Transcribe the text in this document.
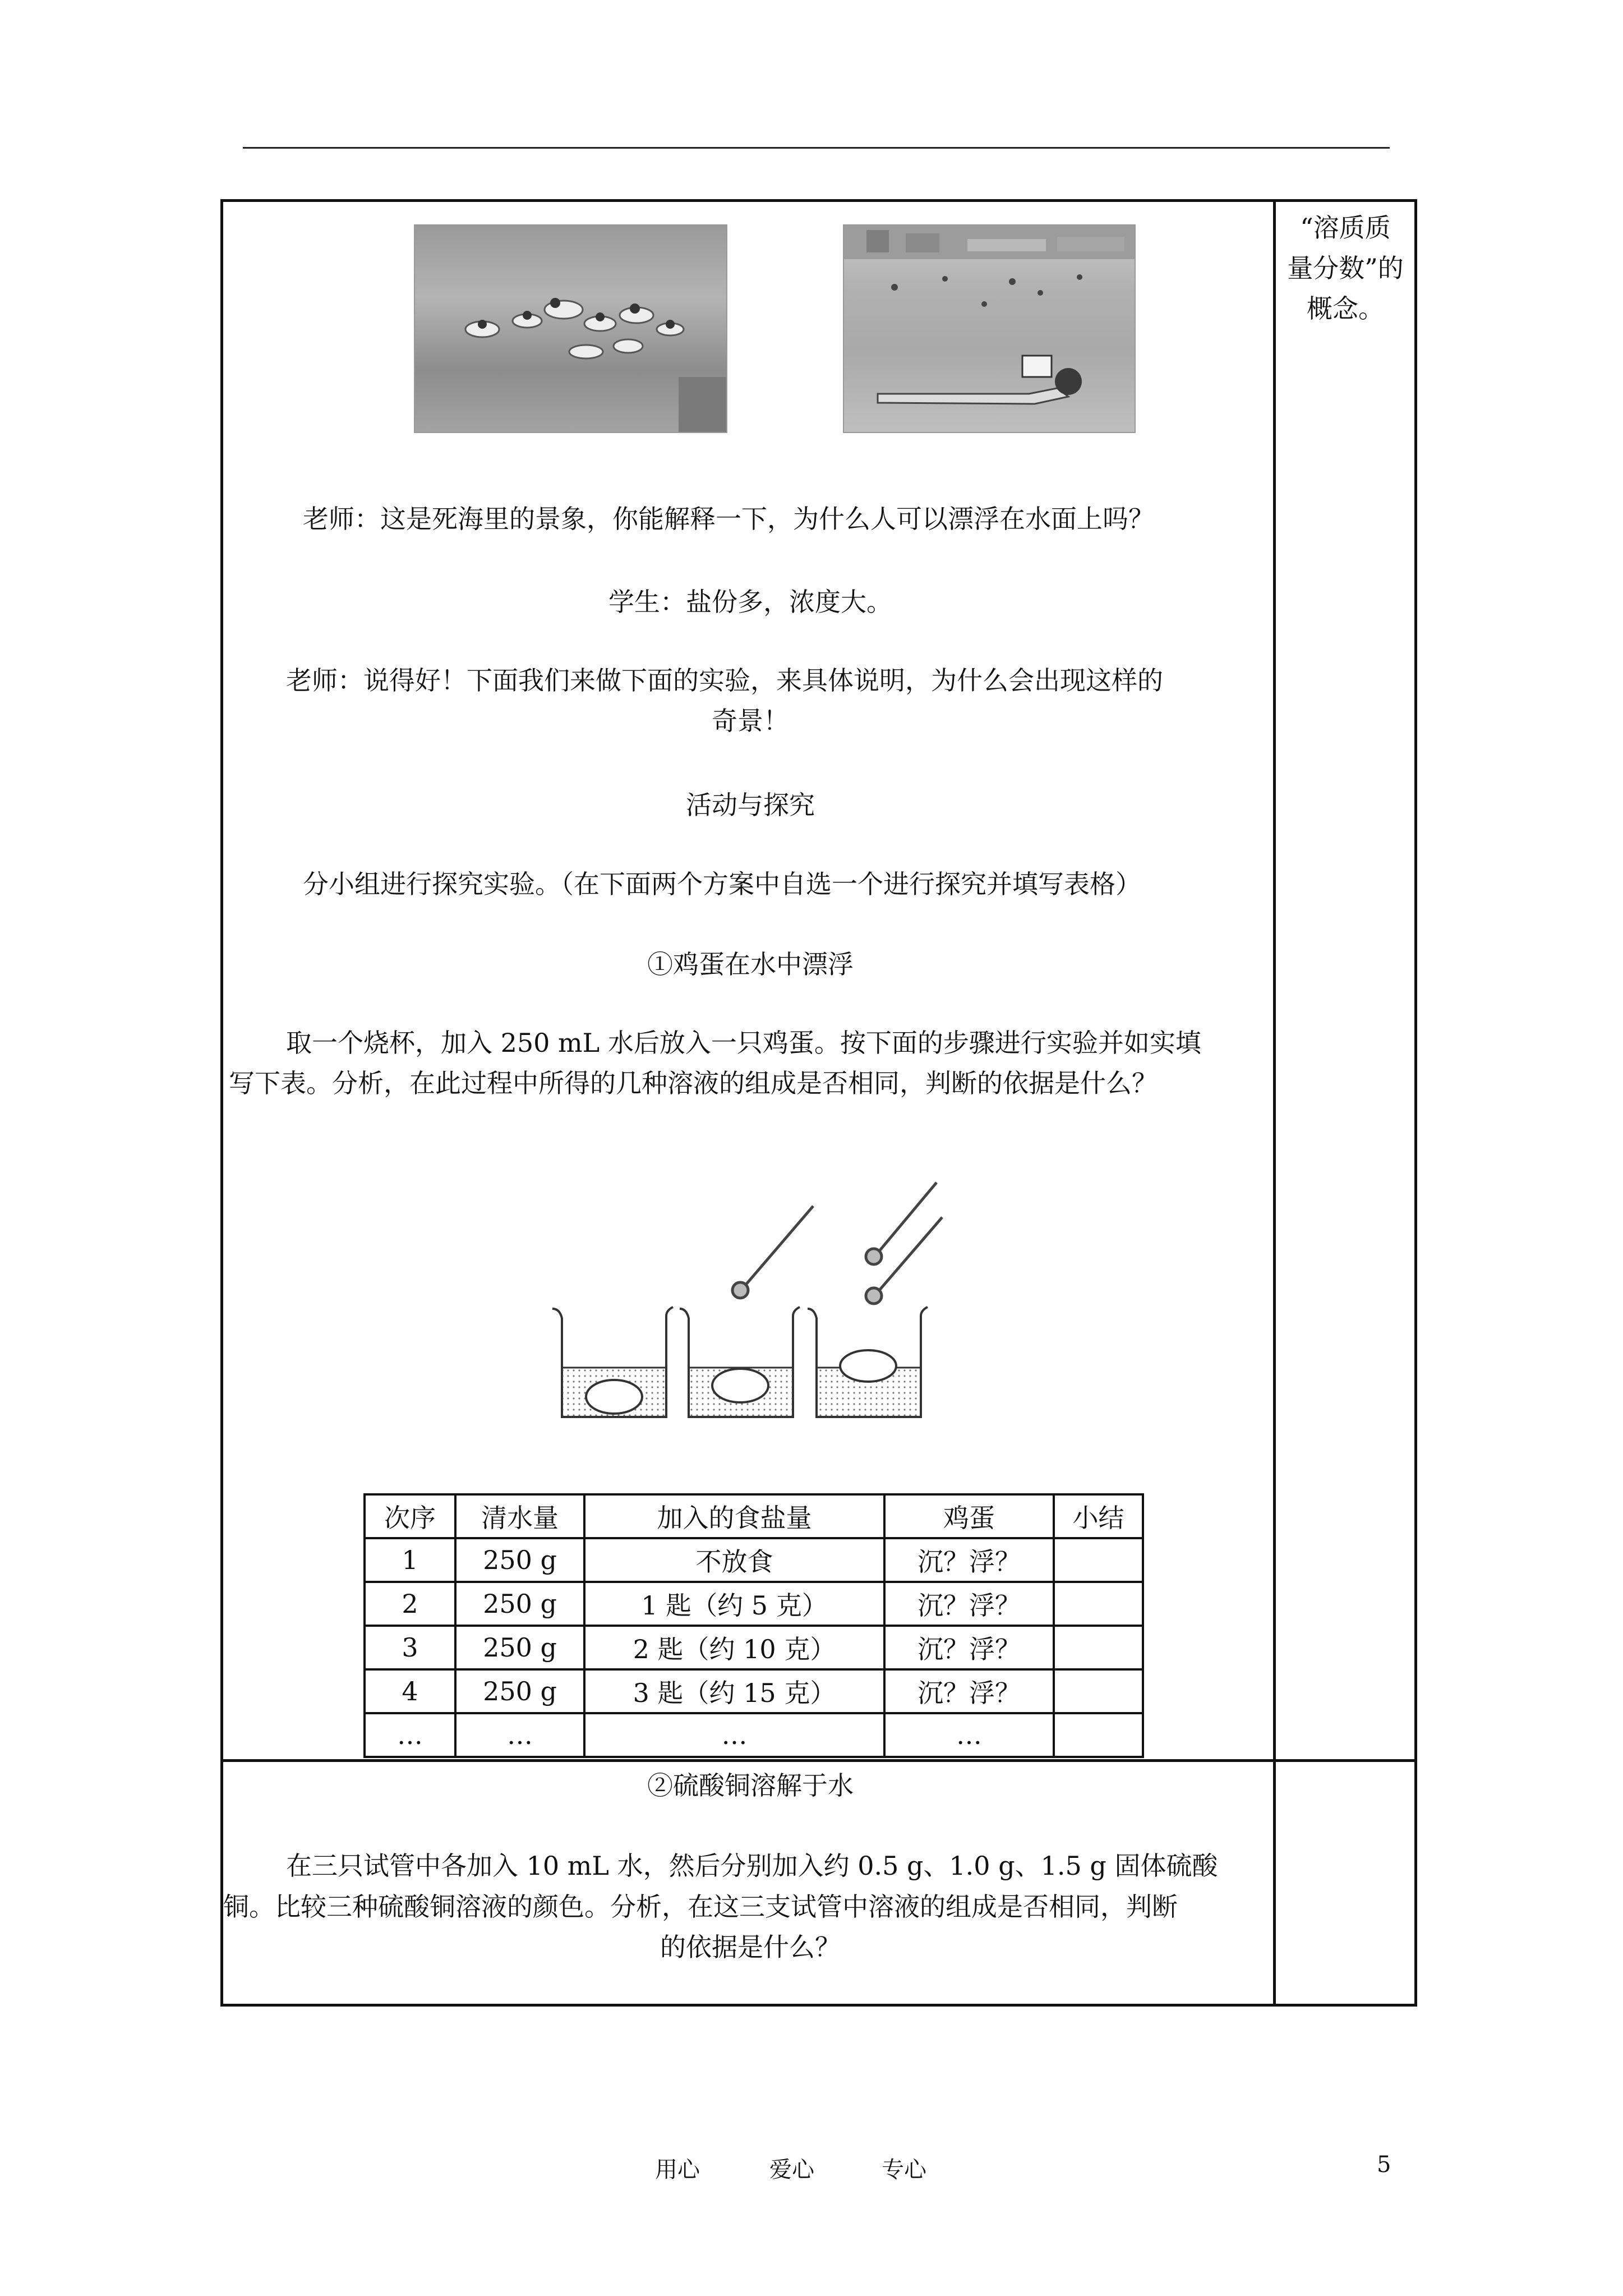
“溶质质
量分数”的
概念。
老师：这是死海里的景象，你能解释一下，为什么人可以漂浮在水面上吗？
学生：盐份多，浓度大。
老师：说得好！下面我们来做下面的实验，来具体说明，为什么会出现这样的
奇景！
活动与探究
分小组进行探究实验。（在下面两个方案中自选一个进行探究并填写表格）
①鸡蛋在水中漂浮
取一个烧杯，加入 250 mL 水后放入一只鸡蛋。按下面的步骤进行实验并如实填
写下表。分析，在此过程中所得的几种溶液的组成是否相同，判断的依据是什么？
次序	清水量	加入的食盐量	鸡蛋	小结
1	250 g	不放食	沉？浮？	
2	250 g	1 匙（约 5 克）	沉？浮？	
3	250 g	2 匙（约 10 克）	沉？浮？	
4	250 g	3 匙（约 15 克）	沉？浮？	
…	…	…	…	
②硫酸铜溶解于水
在三只试管中各加入 10 mL 水，然后分别加入约 0.5 g、1.0 g、1.5 g 固体硫酸
铜。比较三种硫酸铜溶液的颜色。分析，在这三支试管中溶液的组成是否相同，判断
的依据是什么？
用心	爱心	专心	5
